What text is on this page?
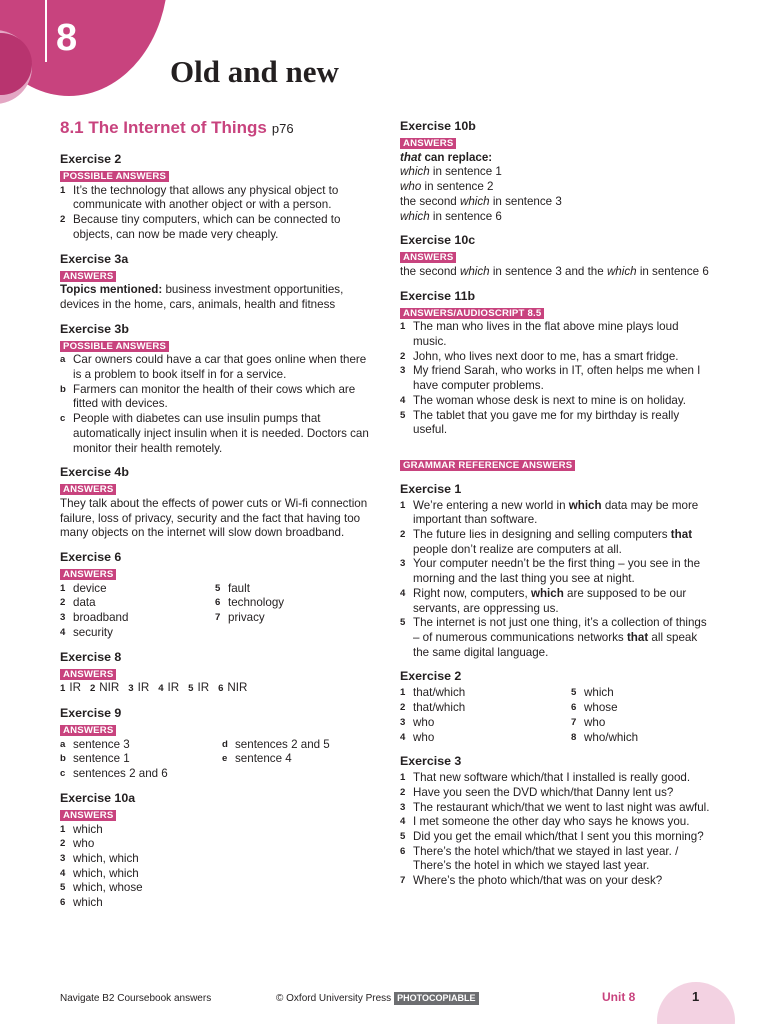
8
Old and new
8.1 The Internet of Things p76
Exercise 2
POSSIBLE ANSWERS
1 It’s the technology that allows any physical object to communicate with another object or with a person.
2 Because tiny computers, which can be connected to objects, can now be made very cheaply.
Exercise 3a
ANSWERS
Topics mentioned: business investment opportunities, devices in the home, cars, animals, health and fitness
Exercise 3b
POSSIBLE ANSWERS
a Car owners could have a car that goes online when there is a problem to book itself in for a service.
b Farmers can monitor the health of their cows which are fitted with devices.
c People with diabetes can use insulin pumps that automatically inject insulin when it is needed. Doctors can monitor their health remotely.
Exercise 4b
ANSWERS
They talk about the effects of power cuts or Wi-fi connection failure, loss of privacy, security and the fact that having too many objects on the internet will slow down broadband.
Exercise 6
ANSWERS
1 device
2 data
3 broadband
4 security
5 fault
6 technology
7 privacy
Exercise 8
ANSWERS
1 IR 2 NIR 3 IR 4 IR 5 IR 6 NIR
Exercise 9
ANSWERS
a sentence 3
b sentence 1
c sentences 2 and 6
d sentences 2 and 5
e sentence 4
Exercise 10a
ANSWERS
1 which
2 who
3 which, which
4 which, which
5 which, whose
6 which
Exercise 10b
ANSWERS
that can replace:
which in sentence 1
who in sentence 2
the second which in sentence 3
which in sentence 6
Exercise 10c
ANSWERS
the second which in sentence 3 and the which in sentence 6
Exercise 11b
ANSWERS/AUDIOSCRIPT 8.5
1 The man who lives in the flat above mine plays loud music.
2 John, who lives next door to me, has a smart fridge.
3 My friend Sarah, who works in IT, often helps me when I have computer problems.
4 The woman whose desk is next to mine is on holiday.
5 The tablet that you gave me for my birthday is really useful.
GRAMMAR REFERENCE ANSWERS
Exercise 1
1 We’re entering a new world in which data may be more important than software.
2 The future lies in designing and selling computers that people don’t realize are computers at all.
3 Your computer needn’t be the first thing – you see in the morning and the last thing you see at night.
4 Right now, computers, which are supposed to be our servants, are oppressing us.
5 The internet is not just one thing, it’s a collection of things – of numerous communications networks that all speak the same digital language.
Exercise 2
1 that/which
2 that/which
3 who
4 who
5 which
6 whose
7 who
8 who/which
Exercise 3
1 That new software which/that I installed is really good.
2 Have you seen the DVD which/that Danny lent us?
3 The restaurant which/that we went to last night was awful.
4 I met someone the other day who says he knows you.
5 Did you get the email which/that I sent you this morning?
6 There’s the hotel which/that we stayed in last year. / There’s the hotel in which we stayed last year.
7 Where’s the photo which/that was on your desk?
Navigate B2 Coursebook answers	© Oxford University Press PHOTOCOPIABLE	Unit 8	1
